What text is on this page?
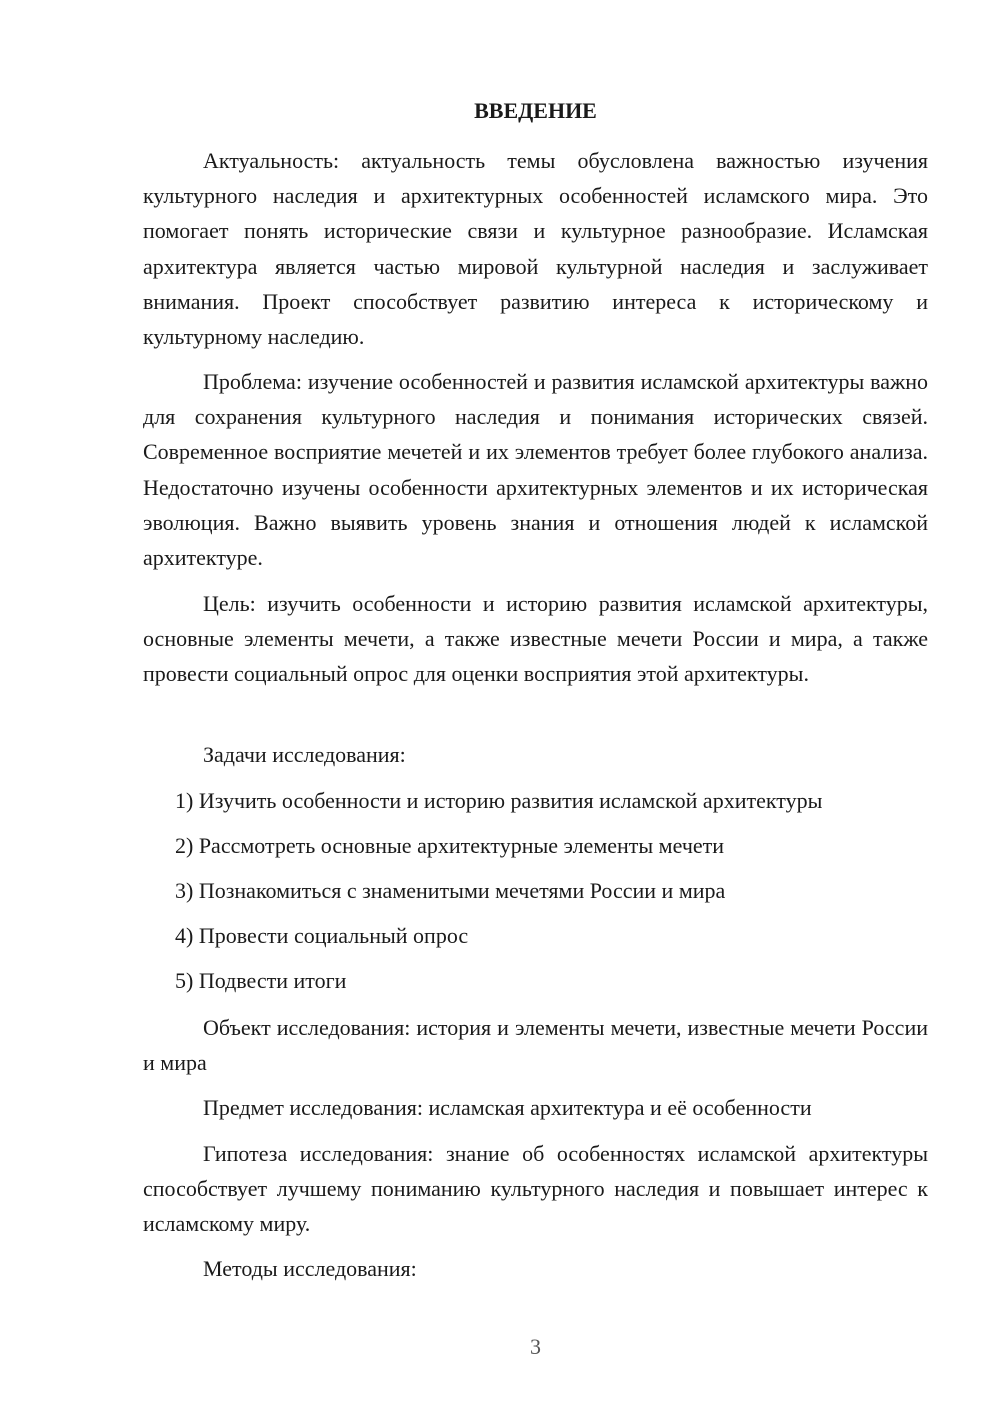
ВВЕДЕНИЕ

Актуальность: актуальность темы обусловлена важностью изучения культурного наследия и архитектурных особенностей исламского мира. Это помогает понять исторические связи и культурное разнообразие. Исламская архитектура является частью мировой культурной наследия и заслуживает внимания. Проект способствует развитию интереса к историческому и культурному наследию.

Проблема: изучение особенностей и развития исламской архитектуры важно для сохранения культурного наследия и понимания исторических связей. Современное восприятие мечетей и их элементов требует более глубокого анализа. Недостаточно изучены особенности архитектурных элементов и их историческая эволюция. Важно выявить уровень знания и отношения людей к исламской архитектуре.

Цель: изучить особенности и историю развития исламской архитектуры, основные элементы мечети, а также известные мечети России и мира, а также провести социальный опрос для оценки восприятия этой архитектуры.

Задачи исследования:

1) Изучить особенности и историю развития исламской архитектуры

2) Рассмотреть основные архитектурные элементы мечети

3) Познакомиться с знаменитыми мечетями России и мира

4) Провести социальный опрос

5) Подвести итоги

Объект исследования: история и элементы мечети, известные мечети России и мира

Предмет исследования: исламская архитектура и её особенности

Гипотеза исследования: знание об особенностях исламской архитектуры способствует лучшему пониманию культурного наследия и повышает интерес к исламскому миру.

Методы исследования:

3
